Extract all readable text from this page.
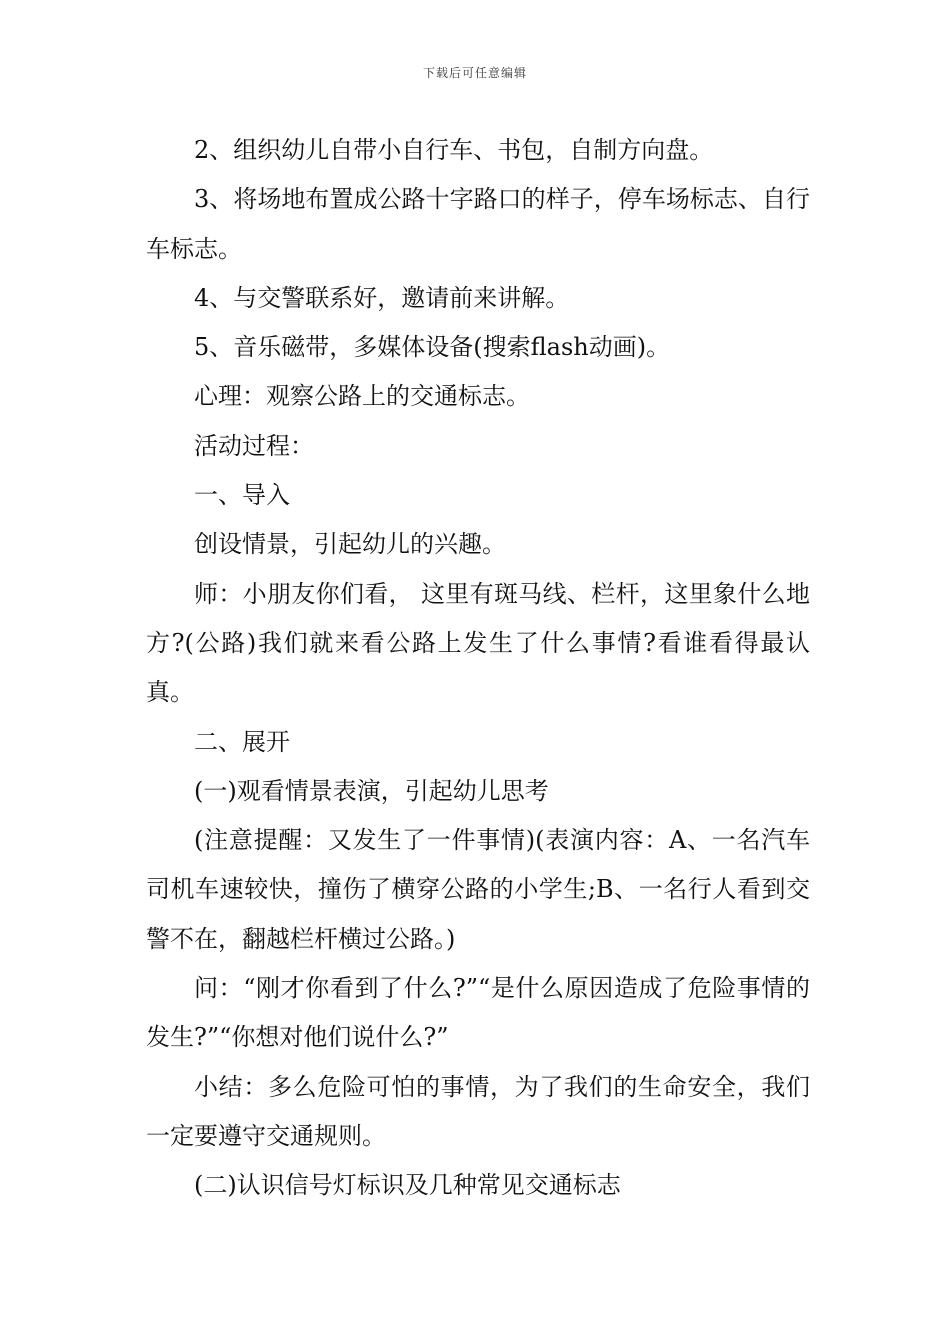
下载后可任意编辑

2、组织幼儿自带小自行车、书包，自制方向盘。

3、将场地布置成公路十字路口的样子，停车场标志、自行车标志。

4、与交警联系好，邀请前来讲解。

5、音乐磁带，多媒体设备(搜索flash动画)。

心理：观察公路上的交通标志。

活动过程：

一、导入

创设情景，引起幼儿的兴趣。

师：小朋友你们看， 这里有斑马线、栏杆，这里象什么地方?(公路)我们就来看公路上发生了什么事情?看谁看得最认真。

二、展开

(一)观看情景表演，引起幼儿思考

(注意提醒：又发生了一件事情)(表演内容：A、一名汽车司机车速较快，撞伤了横穿公路的小学生;B、一名行人看到交警不在，翻越栏杆横过公路。)

问：“刚才你看到了什么?”“是什么原因造成了危险事情的发生?”“你想对他们说什么?”

小结：多么危险可怕的事情，为了我们的生命安全，我们一定要遵守交通规则。

(二)认识信号灯标识及几种常见交通标志
